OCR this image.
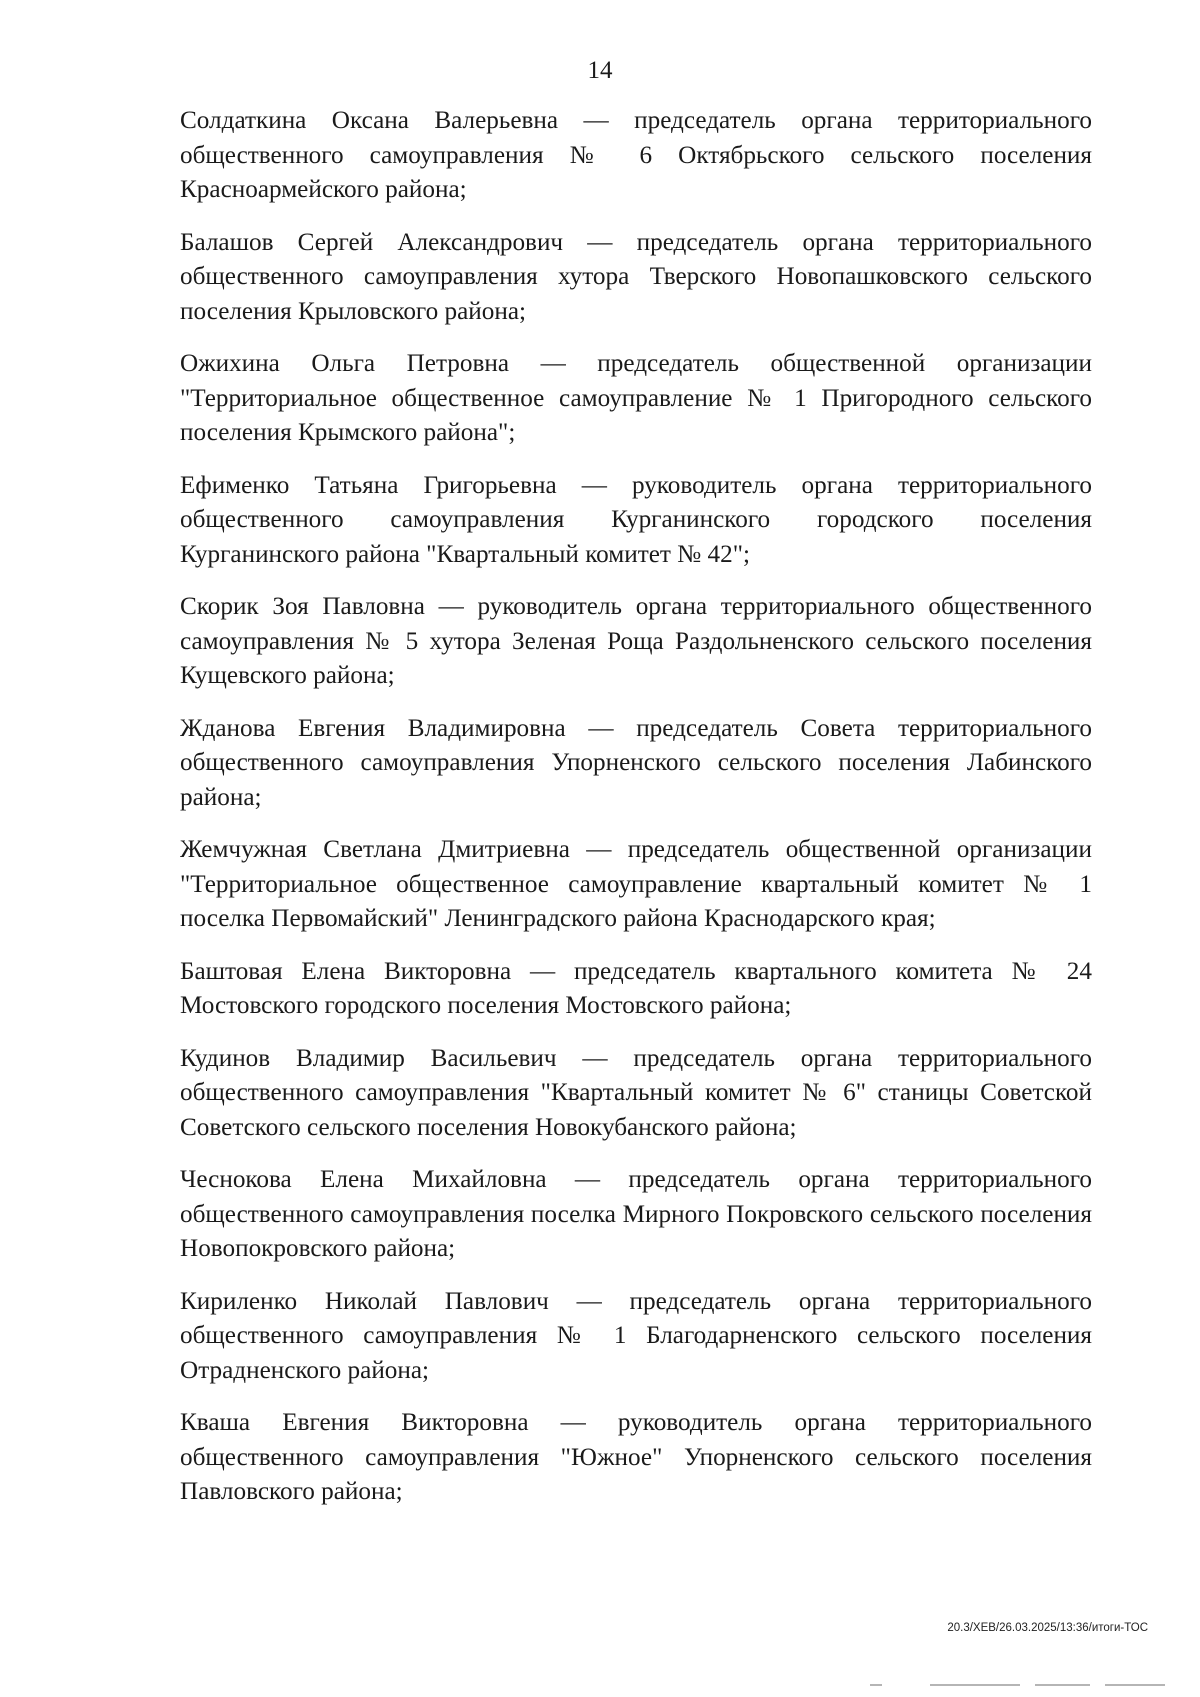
14

Солдаткина Оксана Валерьевна — председатель органа территориального общественного самоуправления № 6 Октябрьского сельского поселения Красноармейского района;

Балашов Сергей Александрович — председатель органа территориального общественного самоуправления хутора Тверского Новопашковского сельского поселения Крыловского района;

Ожихина Ольга Петровна — председатель общественной организации "Территориальное общественное самоуправление № 1 Пригородного сельского поселения Крымского района";

Ефименко Татьяна Григорьевна — руководитель органа территориального общественного самоуправления Курганинского городского поселения Курганинского района "Квартальный комитет № 42";

Скорик Зоя Павловна — руководитель органа территориального общественного самоуправления № 5 хутора Зеленая Роща Раздольненского сельского поселения Кущевского района;

Жданова Евгения Владимировна — председатель Совета территориального общественного самоуправления Упорненского сельского поселения Лабинского района;

Жемчужная Светлана Дмитриевна — председатель общественной организации "Территориальное общественное самоуправление квартальный комитет № 1 поселка Первомайский" Ленинградского района Краснодарского края;

Баштовая Елена Викторовна — председатель квартального комитета № 24 Мостовского городского поселения Мостовского района;

Кудинов Владимир Васильевич — председатель органа территориального общественного самоуправления "Квартальный комитет № 6" станицы Советской Советского сельского поселения Новокубанского района;

Чеснокова Елена Михайловна — председатель органа территориального общественного самоуправления поселка Мирного Покровского сельского поселения Новопокровского района;

Кириленко Николай Павлович — председатель органа территориального общественного самоуправления № 1 Благодарненского сельского поселения Отрадненского района;

Кваша Евгения Викторовна — руководитель органа территориального общественного самоуправления "Южное" Упорненского сельского поселения Павловского района;

20.3/ХЕВ/26.03.2025/13:36/итоги-ТОС
